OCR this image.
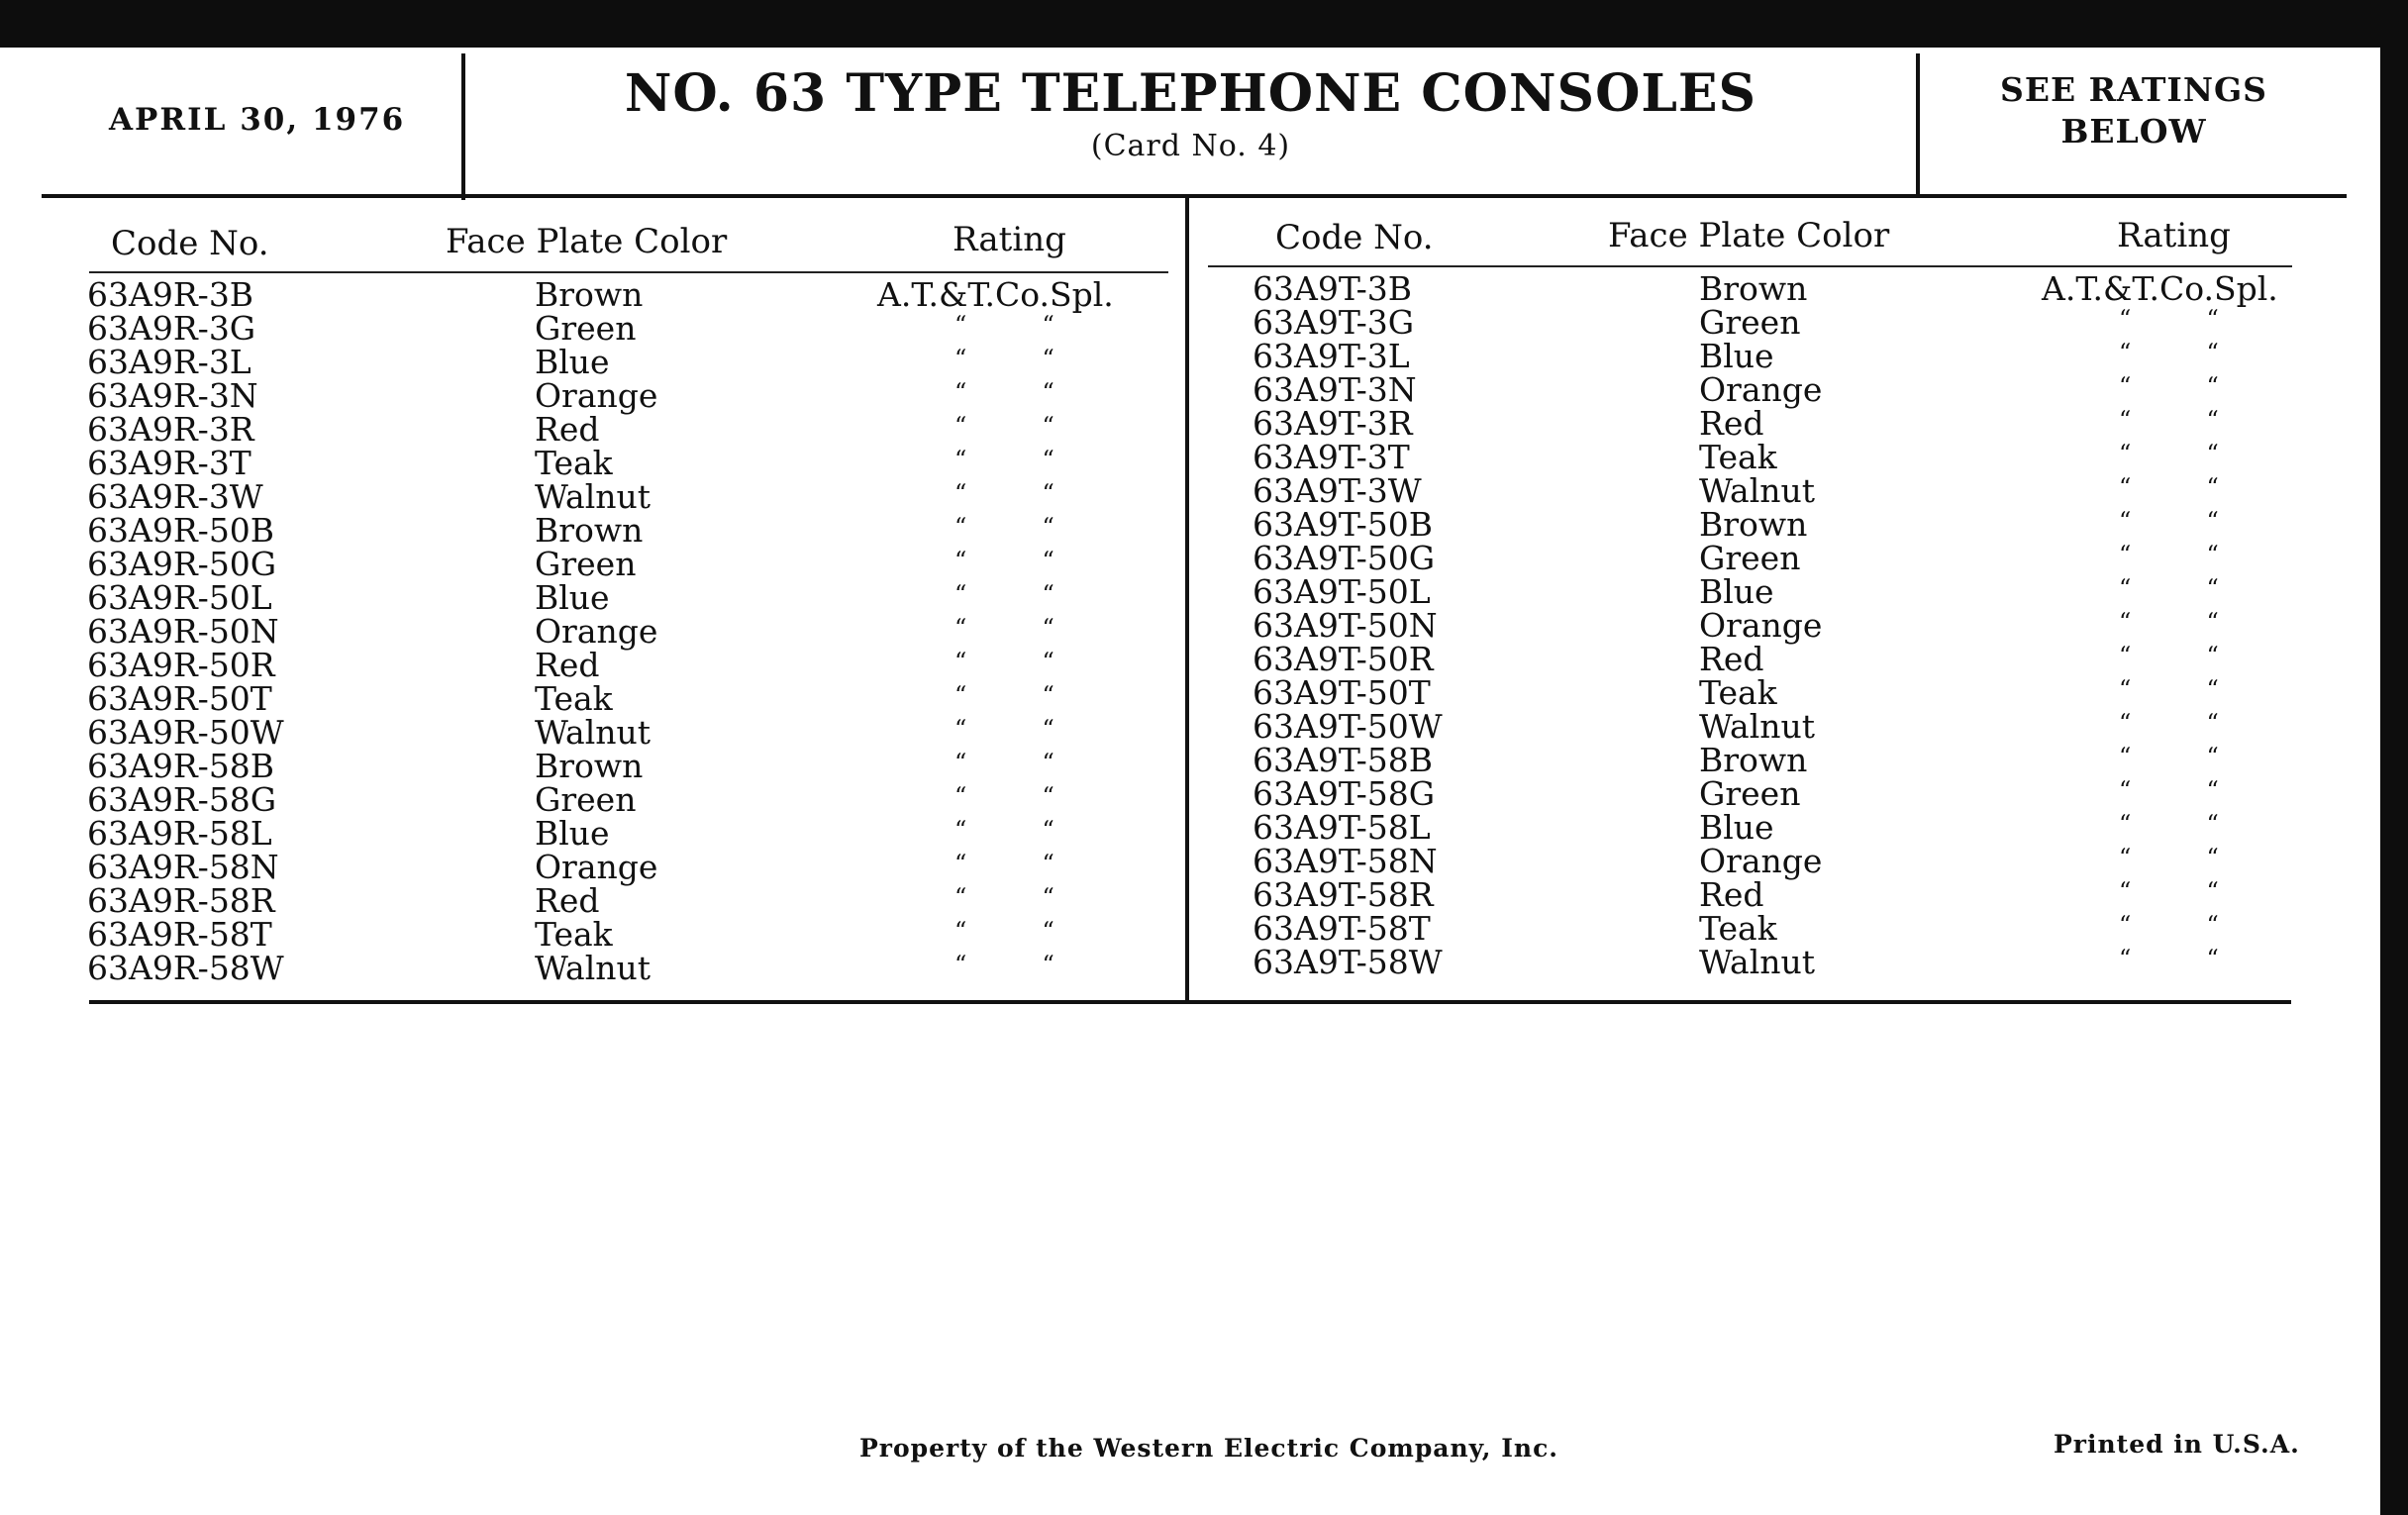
APRIL 30, 1976	NO. 63 TYPE TELEPHONE CONSOLES
(Card No. 4)
SEE RATINGS
BELOW
Code No.	Face Plate Color	Rating	Code No.	Face Plate Color	Rating
63A9R-3B	Brown	A.T.&T.Co.Spl.
63A9R-3G	Green	“          “
63A9R-3L	Blue	“          “
63A9R-3N	Orange	“          “
63A9R-3R	Red	“          “
63A9R-3T	Teak	“          “
63A9R-3W	Walnut	“          “
63A9R-50B	Brown	“          “
63A9R-50G	Green	“          “
63A9R-50L	Blue	“          “
63A9R-50N	Orange	“          “
63A9R-50R	Red	“          “
63A9R-50T	Teak	“          “
63A9R-50W	Walnut	“          “
63A9R-58B	Brown	“          “
63A9R-58G	Green	“          “
63A9R-58L	Blue	“          “
63A9R-58N	Orange	“          “
63A9R-58R	Red	“          “
63A9R-58T	Teak	“          “
63A9R-58W	Walnut	“          “
63A9T-3B	Brown	A.T.&T.Co.Spl.
63A9T-3G	Green	“          “
63A9T-3L	Blue	“          “
63A9T-3N	Orange	“          “
63A9T-3R	Red	“          “
63A9T-3T	Teak	“          “
63A9T-3W	Walnut	“          “
63A9T-50B	Brown	“          “
63A9T-50G	Green	“          “
63A9T-50L	Blue	“          “
63A9T-50N	Orange	“          “
63A9T-50R	Red	“          “
63A9T-50T	Teak	“          “
63A9T-50W	Walnut	“          “
63A9T-58B	Brown	“          “
63A9T-58G	Green	“          “
63A9T-58L	Blue	“          “
63A9T-58N	Orange	“          “
63A9T-58R	Red	“          “
63A9T-58T	Teak	“          “
63A9T-58W	Walnut	“          “
Property of the Western Electric Company, Inc.	Printed in U.S.A.
